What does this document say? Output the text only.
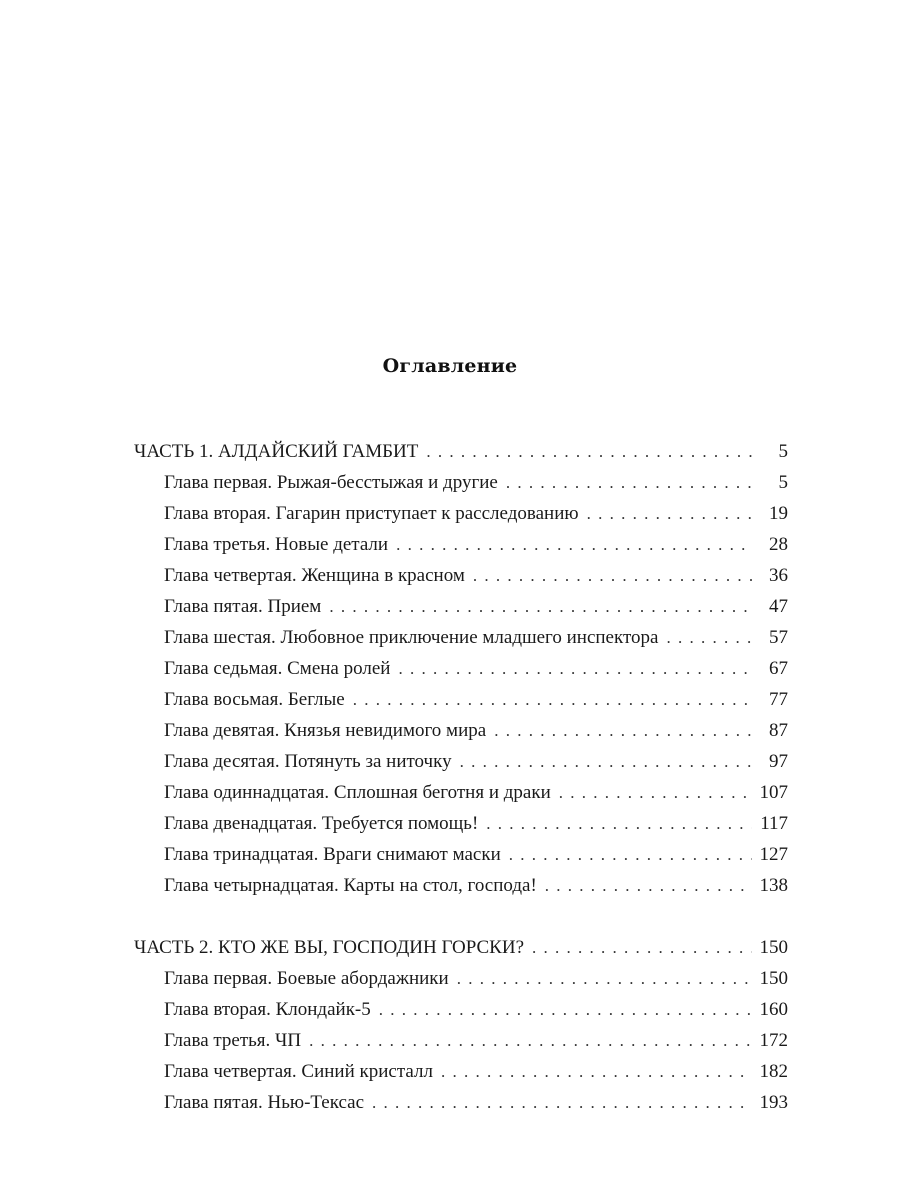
Оглавление
ЧАСТЬ 1. АЛДАЙСКИЙ ГАМБИТ . . .	5
Глава первая. Рыжая-бесстыжая и другие . . .	5
Глава вторая. Гагарин приступает к расследованию . . .	19
Глава третья. Новые детали . . .	28
Глава четвертая. Женщина в красном . . .	36
Глава пятая. Прием . . .	47
Глава шестая. Любовное приключение младшего инспектора . . .	57
Глава седьмая. Смена ролей . . .	67
Глава восьмая. Беглые . . .	77
Глава девятая. Князья невидимого мира . . .	87
Глава десятая. Потянуть за ниточку . . .	97
Глава одиннадцатая. Сплошная беготня и драки . . .	107
Глава двенадцатая. Требуется помощь! . . .	117
Глава тринадцатая. Враги снимают маски . . .	127
Глава четырнадцатая. Карты на стол, господа! . . .	138
ЧАСТЬ 2. КТО ЖЕ ВЫ, ГОСПОДИН ГОРСКИ? . . .	150
Глава первая. Боевые абордажники . . .	150
Глава вторая. Клондайк-5 . . .	160
Глава третья. ЧП . . .	172
Глава четвертая. Синий кристалл . . .	182
Глава пятая. Нью-Тексас . . .	193
